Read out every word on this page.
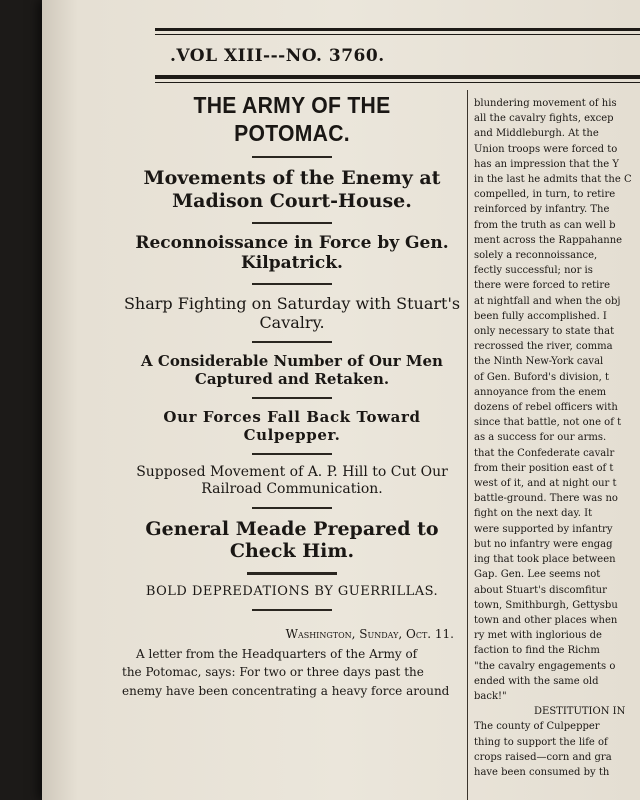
.VOL XIII---NO. 3760.

THE ARMY OF THE POTOMAC.

Movements of the Enemy at Madison Court-House.

Reconnoissance in Force by Gen. Kilpatrick.

Sharp Fighting on Saturday with Stuart's Cavalry.

A Considerable Number of Our Men Captured and Retaken.

Our Forces Fall Back Toward Culpepper.

Supposed Movement of A. P. Hill to Cut Our Railroad Communication.

General Meade Prepared to Check Him.

BOLD DEPREDATIONS BY GUERRILLAS.

Washington, Sunday, Oct. 11.
A letter from the Headquarters of the Army of
the Potomac, says: For two or three days past the
enemy have been concentrating a heavy force around
blundering movement of his
all the cavalry fights, excep
and Middleburgh. At the
Union troops were forced to
has an impression that the Y
in the last he admits that the C
compelled, in turn, to retire
reinforced by infantry. The
from the truth as can well b
ment across the Rappahanne
solely a reconnoissance,
fectly successful; nor is
there were forced to retire
at nightfall and when the obj
been fully accomplished. I
only necessary to state that
recrossed the river, comma
the Ninth New-York caval
of Gen. Buford's division, t
annoyance from the enem
dozens of rebel officers with
since that battle, not one of t
as a success for our arms.
that the Confederate cavalr
from their position east of t
west of it, and at night our t
battle-ground. There was no
fight on the next day. It
were supported by infantry
but no infantry were engag
ing that took place between
Gap. Gen. Lee seems not
about Stuart's discomfitur
town, Smithburgh, Gettysbu
town and other places when
ry met with inglorious de
faction to find the Richm
"the cavalry engagements o
ended with the same old
back!"
DESTITUTION IN
The county of Culpepper
thing to support the life of
crops raised—corn and gra
have been consumed by th
